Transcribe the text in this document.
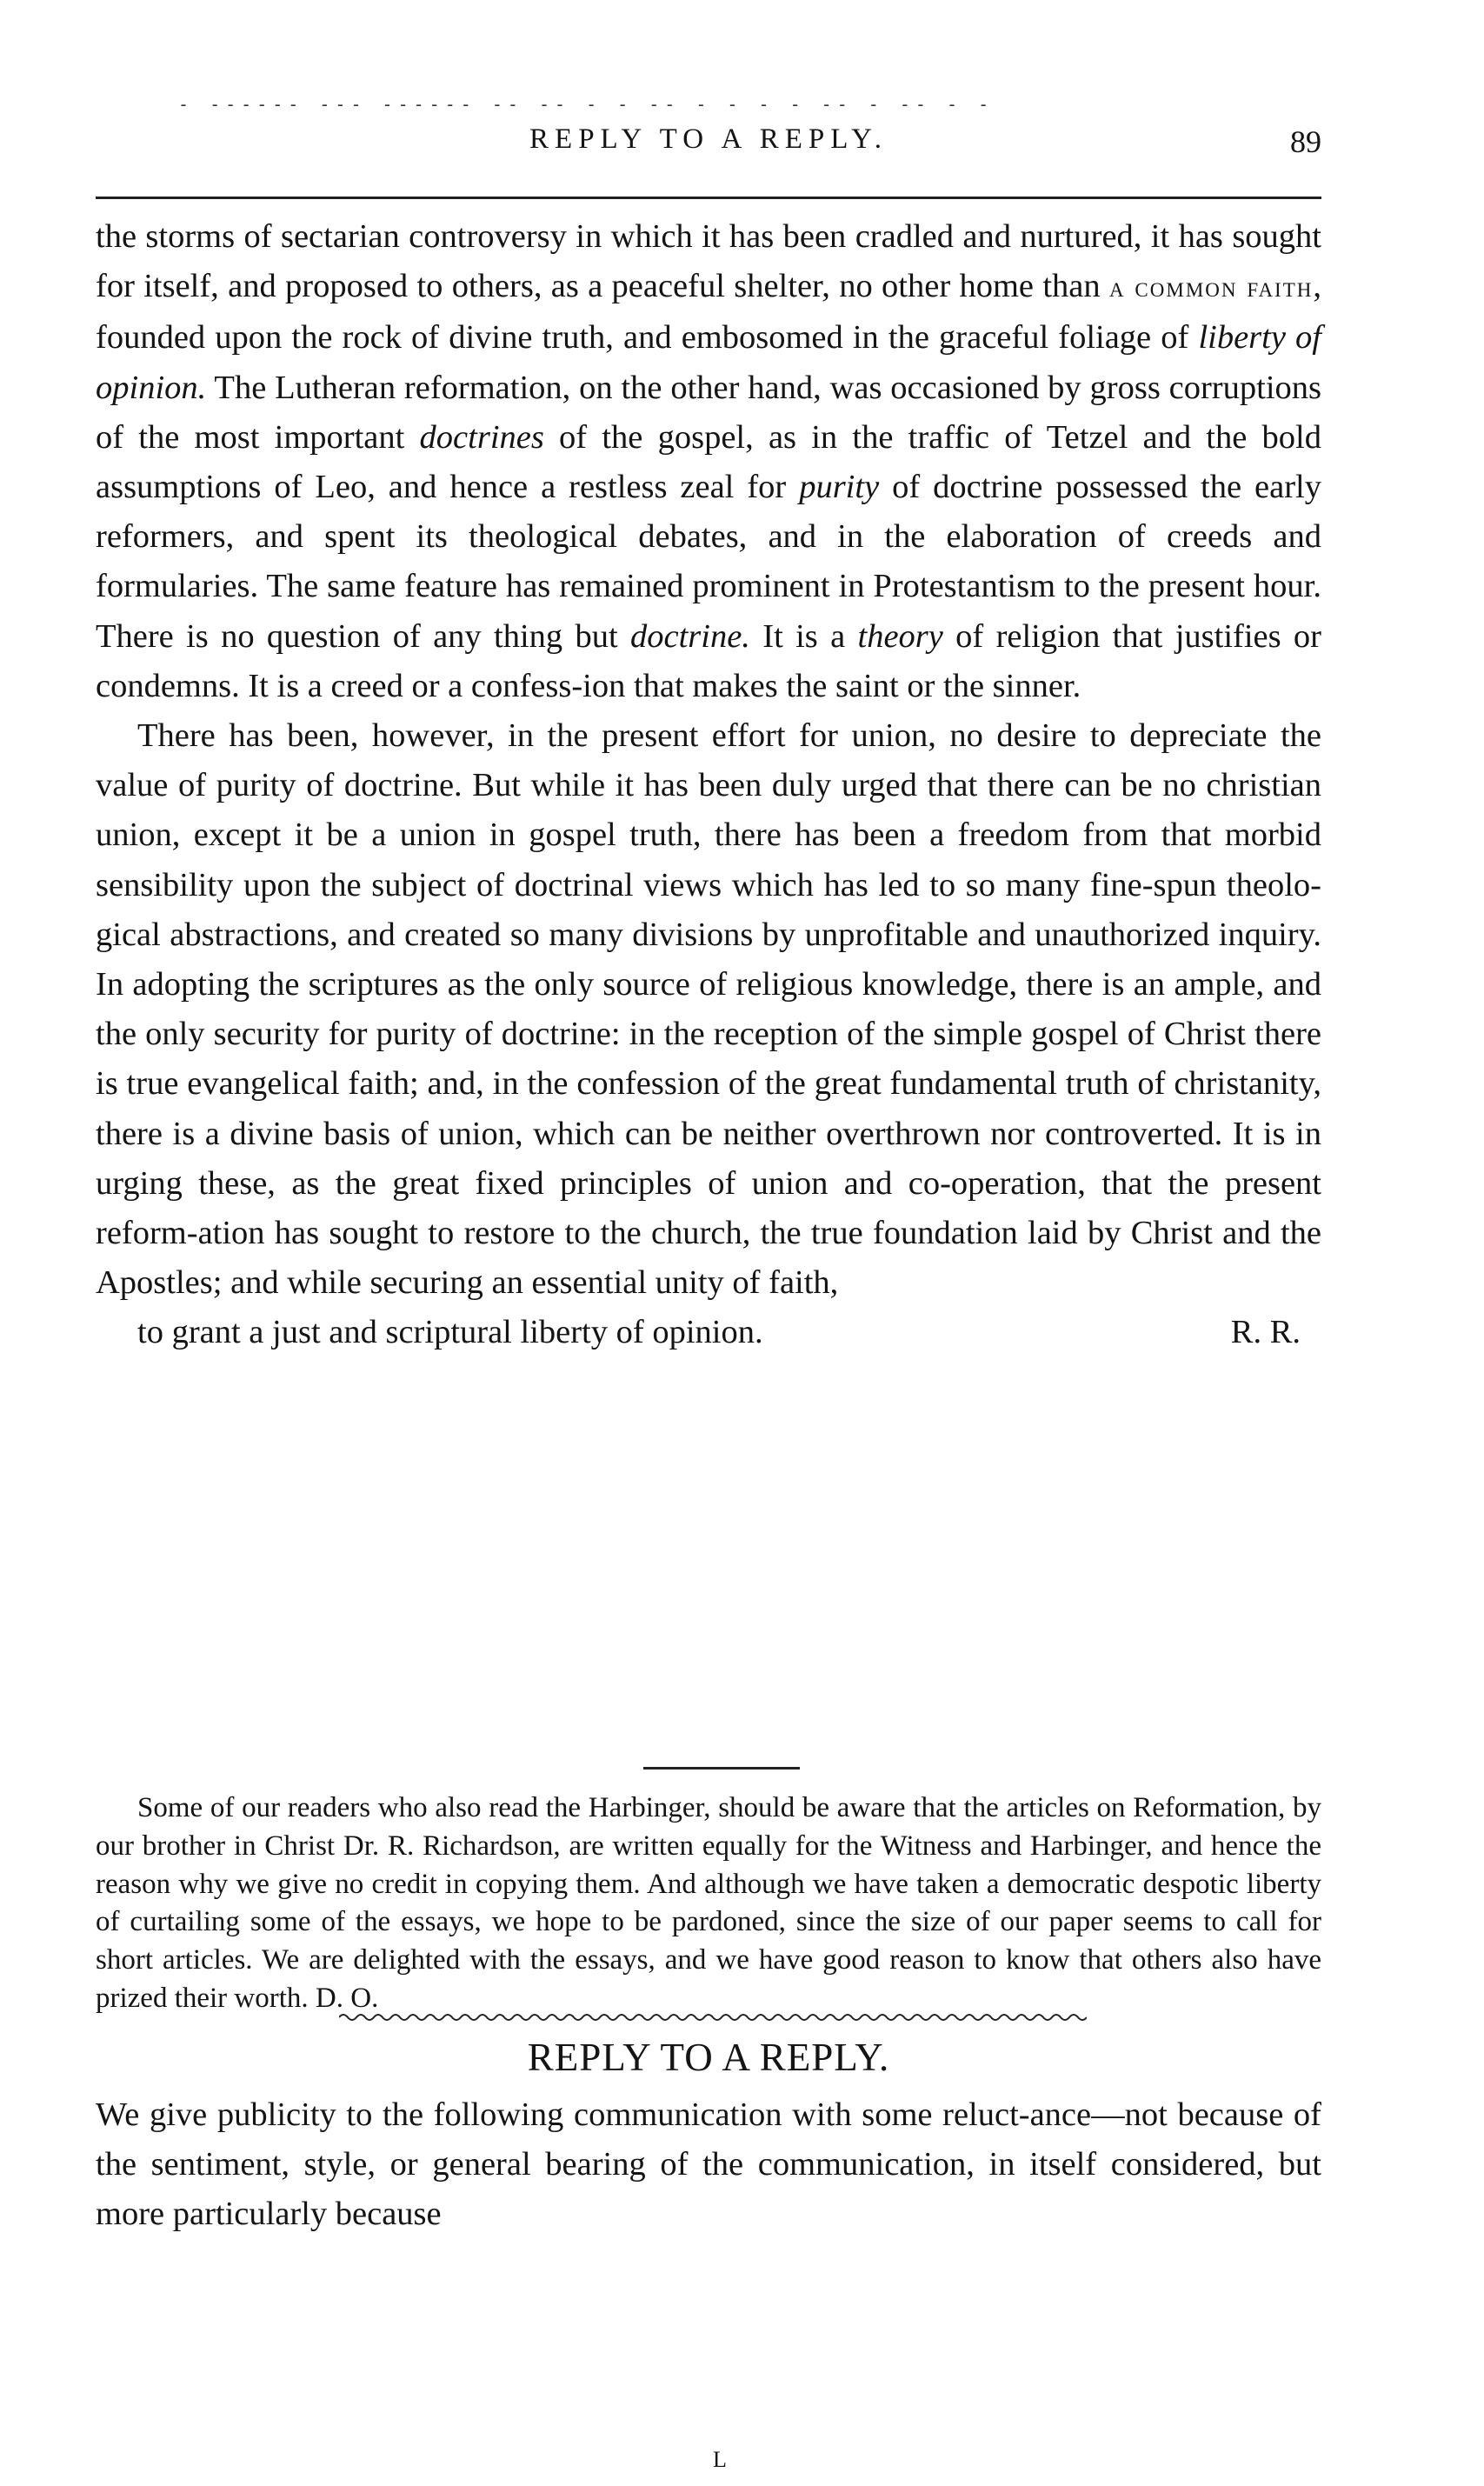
- ------ --- ------ -- -- - - -- - - - - -- - -- - -
REPLY TO A REPLY.	89

the storms of sectarian controversy in which it has been cradled and nurtured, it has sought for itself, and proposed to others, as a peaceful shelter, no other home than a common faith, founded upon the rock of divine truth, and embosomed in the graceful foliage of liberty of opinion. The Lutheran reformation, on the other hand, was occasioned by gross corruptions of the most important doctrines of the gospel, as in the traffic of Tetzel and the bold assumptions of Leo, and hence a restless zeal for purity of doctrine possessed the early reformers, and spent its theological debates, and in the elaboration of creeds and formularies. The same feature has remained prominent in Protestantism to the present hour. There is no question of any thing but doctrine. It is a theory of religion that justifies or condemns. It is a creed or a confess-ion that makes the saint or the sinner.

There has been, however, in the present effort for union, no desire to depreciate the value of purity of doctrine. But while it has been duly urged that there can be no christian union, except it be a union in gospel truth, there has been a freedom from that morbid sensibility upon the subject of doctrinal views which has led to so many fine-spun theolo-gical abstractions, and created so many divisions by unprofitable and unauthorized inquiry. In adopting the scriptures as the only source of religious knowledge, there is an ample, and the only security for purity of doctrine: in the reception of the simple gospel of Christ there is true evangelical faith; and, in the confession of the great fundamental truth of christanity, there is a divine basis of union, which can be neither overthrown nor controverted. It is in urging these, as the great fixed principles of union and co-operation, that the present reform-ation has sought to restore to the church, the true foundation laid by Christ and the Apostles; and while securing an essential unity of faith,

to grant a just and scriptural liberty of opinion.	R. R.

Some of our readers who also read the Harbinger, should be aware that the articles on Reformation, by our brother in Christ Dr. R. Richardson, are written equally for the Witness and Harbinger, and hence the reason why we give no credit in copying them. And although we have taken a democratic despotic liberty of curtailing some of the essays, we hope to be pardoned, since the size of our paper seems to call for short articles. We are delighted with the essays, and we have good reason to know that others also have prized their worth. D. O.

REPLY TO A REPLY.

We give publicity to the following communication with some reluct-ance—not because of the sentiment, style, or general bearing of the communication, in itself considered, but more particularly because

L
